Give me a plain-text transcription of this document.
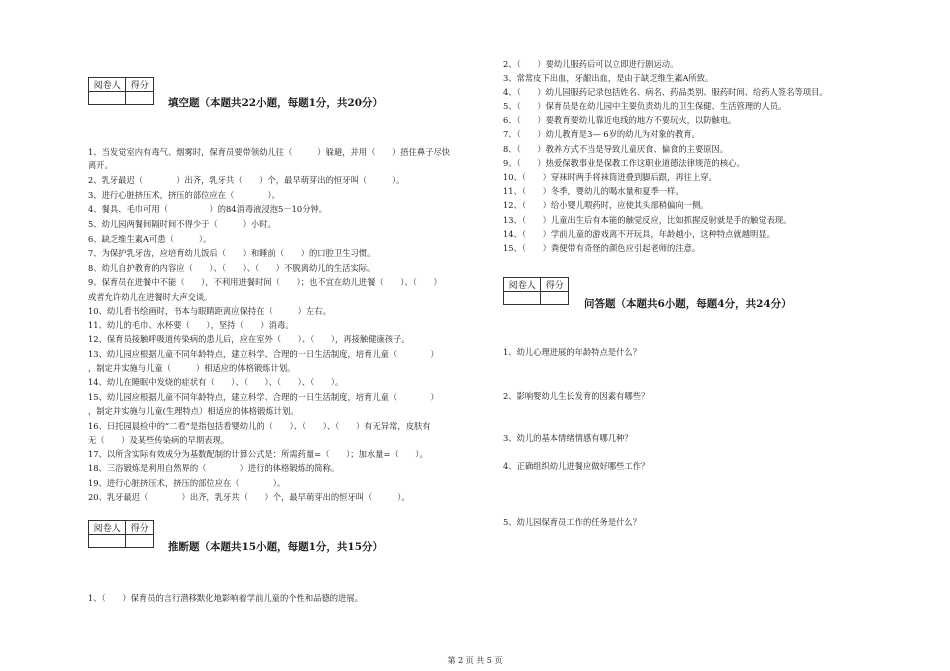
阅卷人	得分

填空题（本题共22小题，每题1分，共20分）
1、当发觉室内有毒气、烟雾时，保育员要带领幼儿往（　　　）躲避，并用（　　）捂住鼻子尽快
离开。
2、乳牙最迟（　　　　）出齐，乳牙共（　　）个，最早萌芽出的恒牙叫（　　　）。
3、进行心脏挤压术，挤压的部位应在（　　　　）。
4、餐具、毛巾可用（　　　　　）的84消毒液浸泡5－10分钟。
5、幼儿园两餐间隔时间不得少于（　　　）小时。
6、缺乏维生素A可患（　　　）。
7、为保护乳牙齿，应培育幼儿饭后（　　）和睡前（　　）的口腔卫生习惯。
8、幼儿自护教育的内容应（　　）、（　　）、（　　）不脱离幼儿的生活实际。
9、保育员在进餐中不能（　　），不利用进餐时间（　　）；也不宜在幼儿进餐（　　）、（　　）
或者允许幼儿在进餐时大声交谈。
10、幼儿看书绘画时，书本与眼睛距离应保持在（　　　）左右。
11、幼儿的毛巾、水杯要（　　），坚持（　　）消毒。
12、保育员接触呼吸道传染病的患儿后，应在室外（　　）、（　　），再接触健康孩子。
13、幼儿园应根据儿童不同年龄特点，建立科学、合理的一日生活制度，培育儿童（　　　　）
，制定并实施与儿童（　　　）相适应的体格锻炼计划。
14、幼儿在睡眠中发烧的症状有（　　）、（　　）、（　　）、（　　）。
15、幼儿园应根据儿童不同年龄特点，建立科学、合理的一日生活制度，培育儿童（　　　　）
，制定并实施与儿童(生理特点）相适应的体格锻炼计划。
16、日托园晨检中的“二看”是指包括看婴幼儿的（　　）、（　　）、（　　）有无异常，皮肤有
无（　　）及某些传染病的早期表现。
17、以所含实际有效成分为基数配制的计算公式是：所需药量=（　　）；加水量=（　　）。
18、三浴锻炼是利用自然界的（　　　　）进行的体格锻炼的简称。
19、进行心脏挤压术，挤压的部位应在（　　　　）。
20、乳牙最迟（　　　　）出齐，乳牙共（　　）个，最早萌芽出的恒牙叫（　　　）。
阅卷人	得分

推断题（本题共15小题，每题1分，共15分）
1、（　　）保育员的言行潜移默化地影响着学前儿童的个性和品德的进展。
2、（　　）要幼儿服药后可以立即进行剧运动。
3、常常皮下出血，牙龈出血，是由于缺乏维生素A所致。
4、（　　）幼儿园服药记录包括姓名、病名、药品类别、服药时间、给药人签名等项目。
5、（　　）保育员是在幼儿园中主要负责幼儿的卫生保健、生活管理的人员。
6、（　　）要教育要幼儿靠近电线的地方不要玩火，以防触电。
7、（　　）幼儿教育是3— 6岁的幼儿为对象的教育。
8、（　　）教养方式不当是导致儿童厌食、偏食的主要原因。
9、（　　）热爱保教事业是保教工作这职业道德法律规范的核心。
10、（　　）穿袜时两手将袜筒迸叠到脚后跟，再往上穿。
11、（　　）冬季，婴幼儿的喝水量和夏季一样。
12、（　　）给小婴儿喂药时，应使其头部稍偏向一侧。
13、（　　）儿童出生后有本能的触觉反应，比如抓握反射就是手的触觉表现。
14、（　　）学前儿童的游戏离不开玩具，年龄越小，这种特点就越明显。
15、（　　）粪便带有奇怪的颜色应引起老师的注意。
阅卷人	得分

问答题（本题共6小题，每题4分，共24分）
1、幼儿心理进展的年龄特点是什么？
2、影响婴幼儿生长发育的因素有哪些？
3、幼儿的基本情绪情感有哪几种？
4、正确组织幼儿进餐应做好哪些工作？
5、幼儿园保育员工作的任务是什么？
第 2 页 共 5 页
